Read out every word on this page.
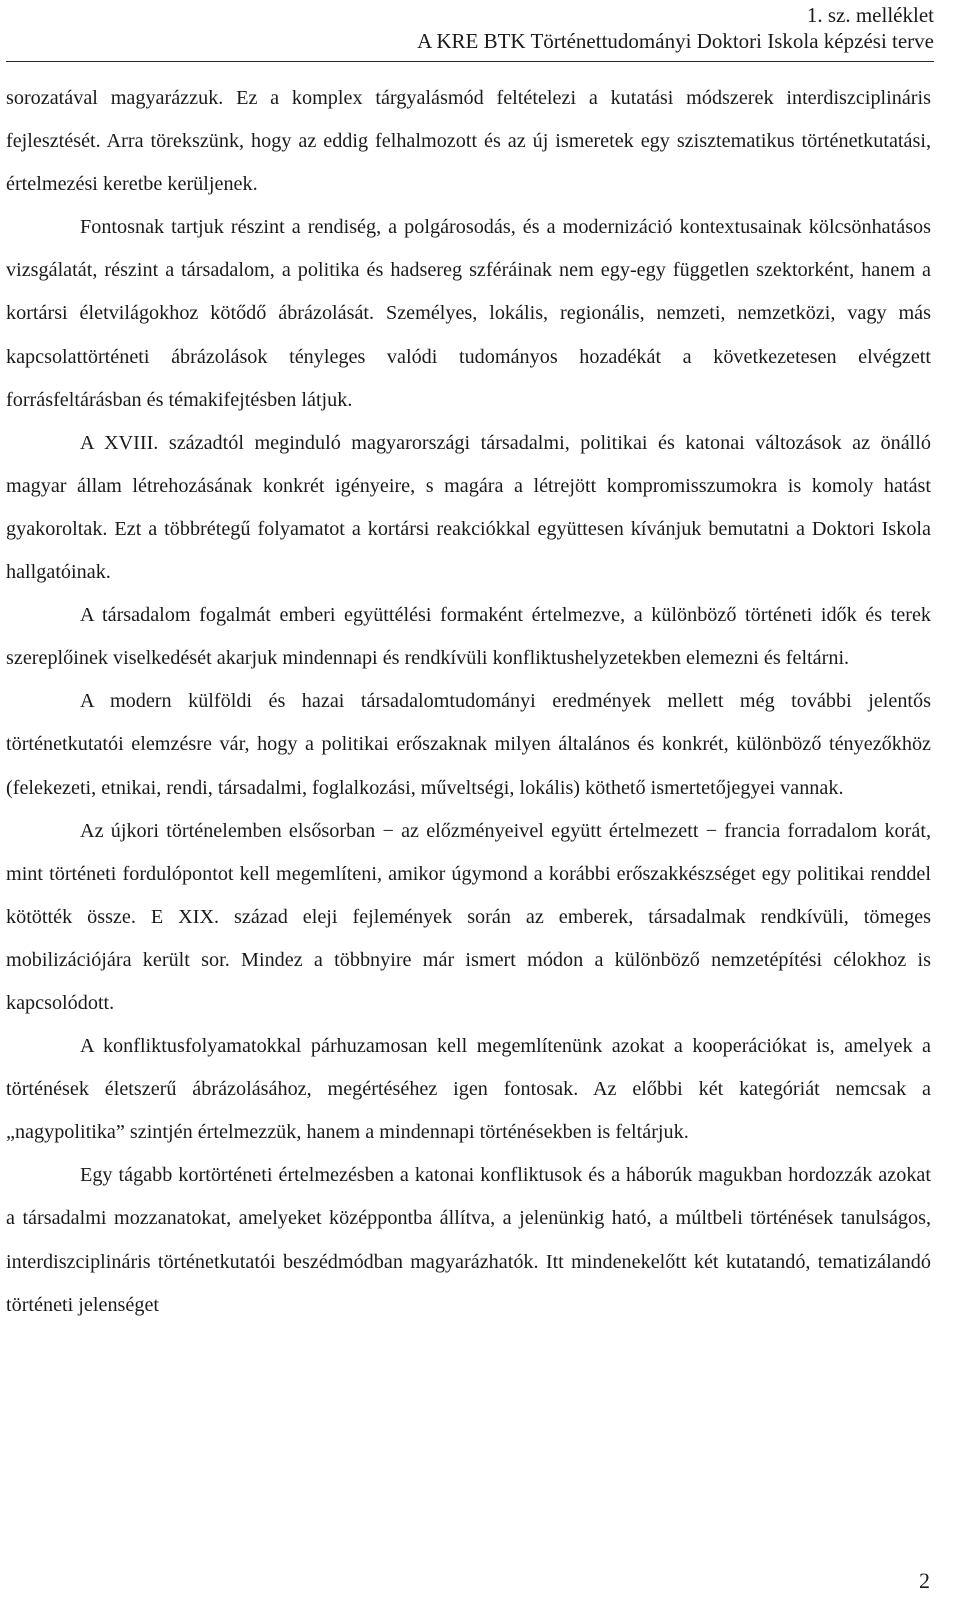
1. sz. melléklet
A KRE BTK Történettudományi Doktori Iskola képzési terve

sorozatával magyarázzuk. Ez a komplex tárgyalásmód feltételezi a kutatási módszerek interdiszciplináris fejlesztését. Arra törekszünk, hogy az eddig felhalmozott és az új ismeretek egy szisztematikus történetkutatási, értelmezési keretbe kerüljenek.

Fontosnak tartjuk részint a rendiség, a polgárosodás, és a modernizáció kontextusainak kölcsönhatásos vizsgálatát, részint a társadalom, a politika és hadsereg szféráinak nem egy-egy független szektorként, hanem a kortársi életvilágokhoz kötődő ábrázolását. Személyes, lokális, regionális, nemzeti, nemzetközi, vagy más kapcsolattörténeti ábrázolások tényleges valódi tudományos hozadékát a következetesen elvégzett forrásfeltárásban és témakifejtésben látjuk.

A XVIII. századtól meginduló magyarországi társadalmi, politikai és katonai változások az önálló magyar állam létrehozásának konkrét igényeire, s magára a létrejött kompromisszumokra is komoly hatást gyakoroltak. Ezt a többrétegű folyamatot a kortársi reakciókkal együttesen kívánjuk bemutatni a Doktori Iskola hallgatóinak.

A társadalom fogalmát emberi együttélési formaként értelmezve, a különböző történeti idők és terek szereplőinek viselkedését akarjuk mindennapi és rendkívüli konfliktushelyzetekben elemezni és feltárni.

A modern külföldi és hazai társadalomtudományi eredmények mellett még további jelentős történetkutatói elemzésre vár, hogy a politikai erőszaknak milyen általános és konkrét, különböző tényezőkhöz (felekezeti, etnikai, rendi, társadalmi, foglalkozási, műveltségi, lokális) köthető ismertetőjegyei vannak.

Az újkori történelemben elsősorban − az előzményeivel együtt értelmezett − francia forradalom korát, mint történeti fordulópontot kell megemlíteni, amikor úgymond a korábbi erőszakkészséget egy politikai renddel kötötték össze. E XIX. század eleji fejlemények során az emberek, társadalmak rendkívüli, tömeges mobilizációjára került sor. Mindez a többnyire már ismert módon a különböző nemzetépítési célokhoz is kapcsolódott.

A konfliktusfolyamatokkal párhuzamosan kell megemlítenünk azokat a kooperációkat is, amelyek a történések életszerű ábrázolásához, megértéséhez igen fontosak. Az előbbi két kategóriát nemcsak a „nagypolitika” szintjén értelmezzük, hanem a mindennapi történésekben is feltárjuk.

Egy tágabb kortörténeti értelmezésben a katonai konfliktusok és a háborúk magukban hordozzák azokat a társadalmi mozzanatokat, amelyeket középpontba állítva, a jelenünkig ható, a múltbeli történések tanulságos, interdiszciplináris történetkutatói beszédmódban magyarázhatók. Itt mindenekelőtt két kutatandó, tematizálandó történeti jelenséget

2
